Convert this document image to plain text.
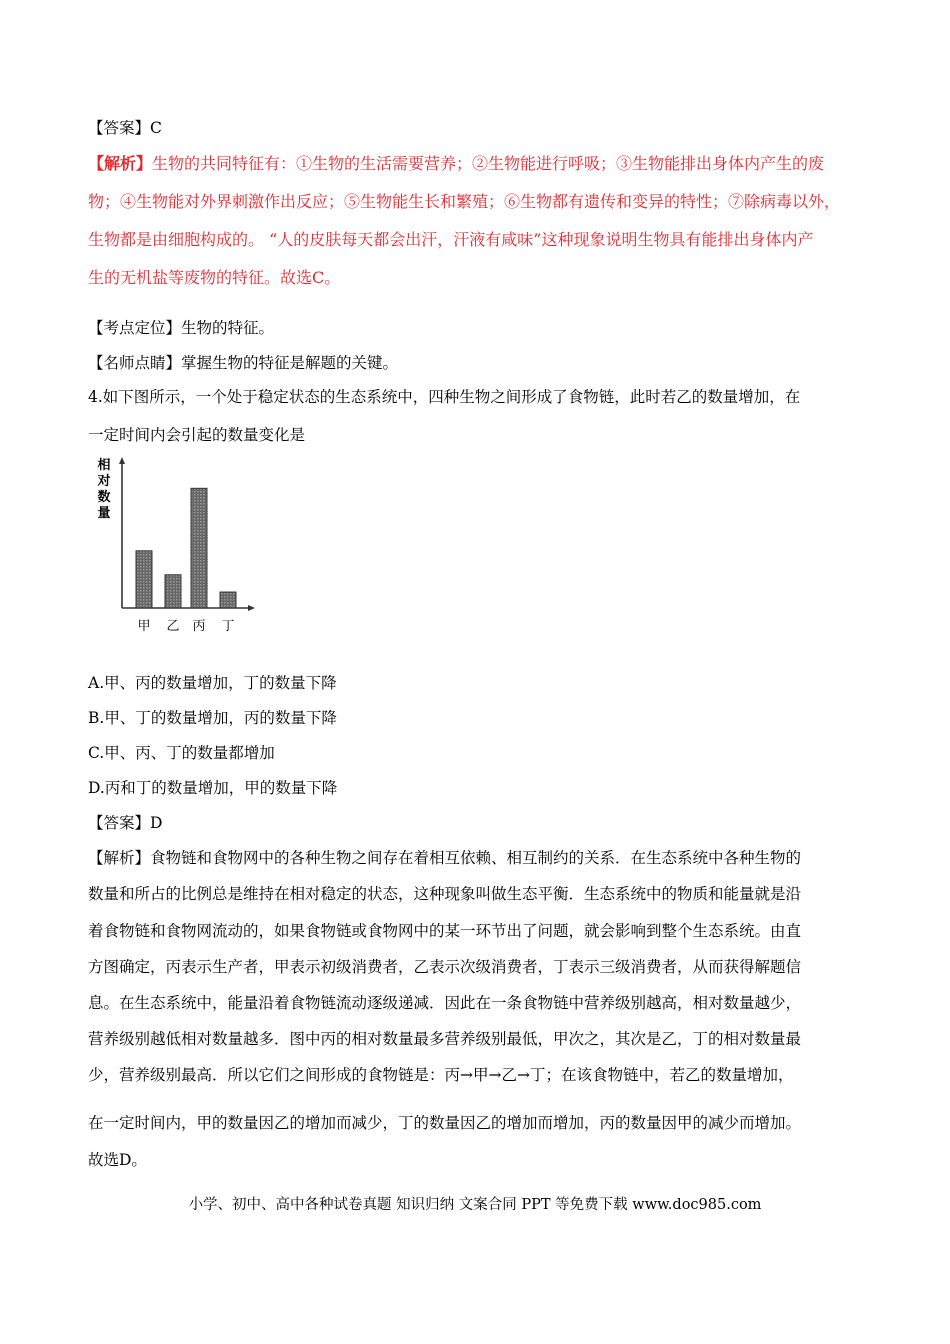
【答案】C
【解析】生物的共同特征有：①生物的生活需要营养；②生物能进行呼吸；③生物能排出身体内产生的废
物；④生物能对外界刺激作出反应；⑤生物能生长和繁殖；⑥生物都有遗传和变异的特性；⑦除病毒以外，
生物都是由细胞构成的。 “人的皮肤每天都会出汗，汗液有咸味”这种现象说明生物具有能排出身体内产
生的无机盐等废物的特征。故选C。
【考点定位】生物的特征。
【名师点睛】掌握生物的特征是解题的关键。
4.如下图所示，一个处于稳定状态的生态系统中，四种生物之间形成了食物链，此时若乙的数量增加，在
一定时间内会引起的数量变化是
相
对
数
量
甲 乙 丙 丁
A.甲、丙的数量增加，丁的数量下降
B.甲、丁的数量增加，丙的数量下降
C.甲、丙、丁的数量都增加
D.丙和丁的数量增加，甲的数量下降
【答案】D
【解析】食物链和食物网中的各种生物之间存在着相互依赖、相互制约的关系．在生态系统中各种生物的
数量和所占的比例总是维持在相对稳定的状态，这种现象叫做生态平衡．生态系统中的物质和能量就是沿
着食物链和食物网流动的，如果食物链或食物网中的某一环节出了问题，就会影响到整个生态系统。由直
方图确定，丙表示生产者，甲表示初级消费者，乙表示次级消费者，丁表示三级消费者，从而获得解题信
息。在生态系统中，能量沿着食物链流动逐级递减．因此在一条食物链中营养级别越高，相对数量越少，
营养级别越低相对数量越多．图中丙的相对数量最多营养级别最低，甲次之，其次是乙，丁的相对数量最
少，营养级别最高．所以它们之间形成的食物链是：丙→甲→乙→丁；在该食物链中，若乙的数量增加，
在一定时间内，甲的数量因乙的增加而减少，丁的数量因乙的增加而增加，丙的数量因甲的减少而增加。
故选D。
小学、初中、高中各种试卷真题 知识归纳 文案合同 PPT 等免费下载 www.doc985.com
